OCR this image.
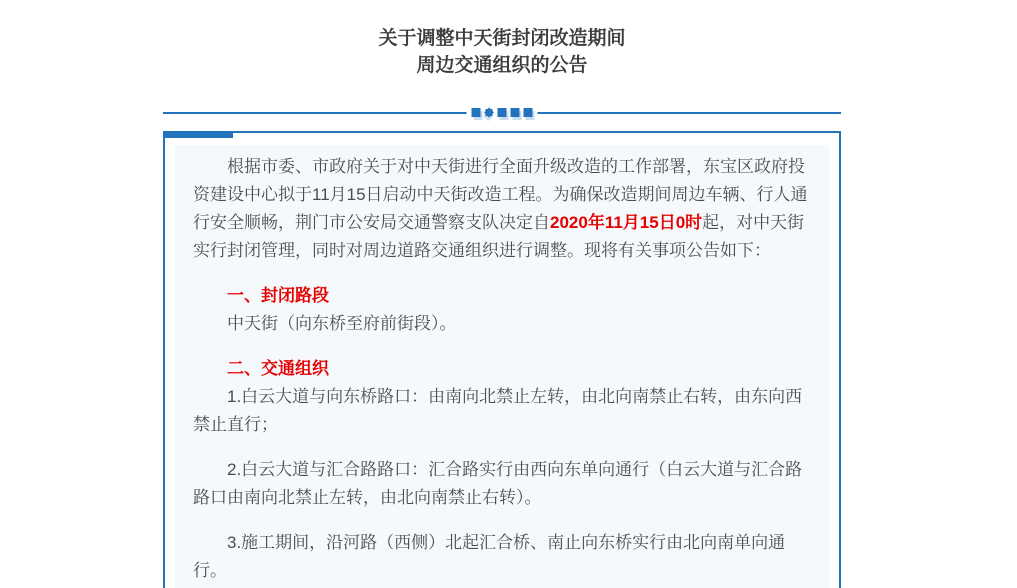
关于调整中天街封闭改造期间
周边交通组织的公告

根据市委、市政府关于对中天街进行全面升级改造的工作部署，东宝区政府投资建设中心拟于11月15日启动中天街改造工程。为确保改造期间周边车辆、行人通行安全顺畅，荆门市公安局交通警察支队决定自2020年11月15日0时起，对中天街实行封闭管理，同时对周边道路交通组织进行调整。现将有关事项公告如下：

一、封闭路段

中天街（向东桥至府前街段）。

二、交通组织

1.白云大道与向东桥路口：由南向北禁止左转，由北向南禁止右转，由东向西禁止直行；

2.白云大道与汇合路路口：汇合路实行由西向东单向通行（白云大道与汇合路路口由南向北禁止左转，由北向南禁止右转）。

3.施工期间，沿河路（西侧）北起汇合桥、南止向东桥实行由北向南单向通行。
